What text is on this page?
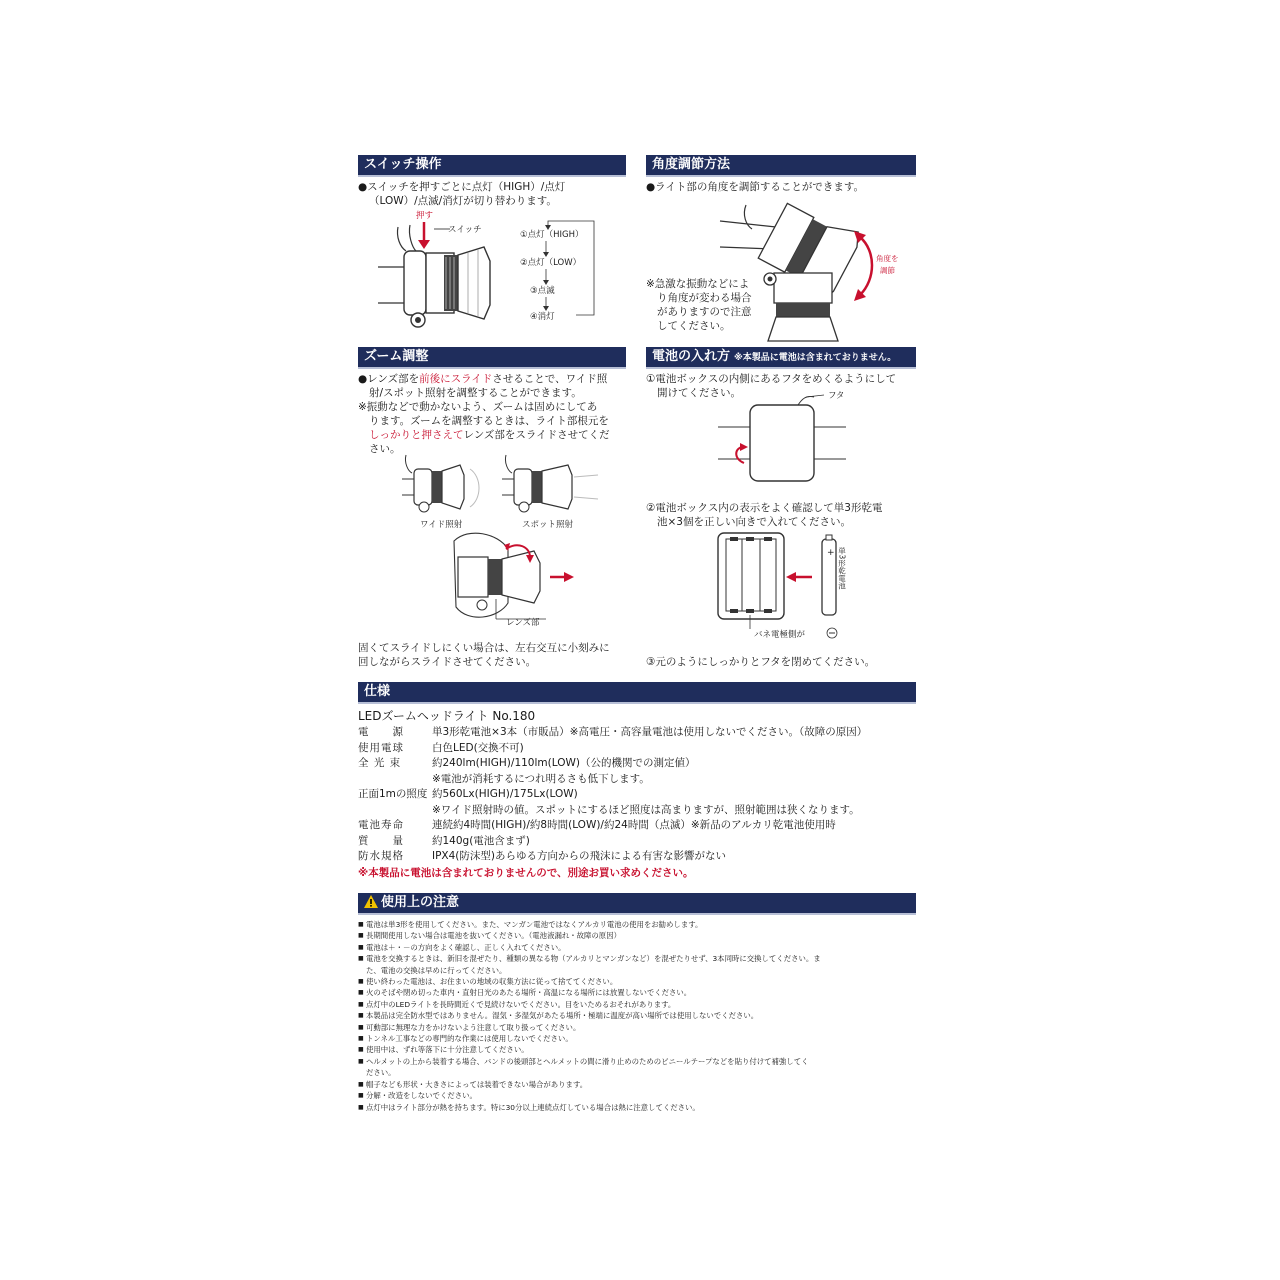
スイッチ操作

●スイッチを押すごとに点灯（HIGH）/点灯

（LOW）/点滅/消灯が切り替わります。

押す
スイッチ	①点灯（HIGH）
②点灯（LOW）
③点滅
④消灯
角度調節方法

●ライト部の角度を調節することができます。

角度を
調節

※急激な振動などによ

り角度が変わる場合

がありますので注意

してください。

ズーム調整

●レンズ部を前後にスライドさせることで、ワイド照

射/スポット照射を調整することができます。

※振動などで動かないよう、ズームは固めにしてあ

ります。ズームを調整するときは、ライト部根元を

しっかりと押さえてレンズ部をスライドさせてくだ

さい。

ワイド照射	スポット照射
レンズ部

固くてスライドしにくい場合は、左右交互に小刻みに

回しながらスライドさせてください。

電池の入れ方 ※本製品に電池は含まれておりません。

①電池ボックスの内側にあるフタをめくるようにして

開けてください。	フタ

②電池ボックス内の表示をよく確認して単3形乾電

池×3個を正しい向きで入れてください。

バネ電極側が
+ 単3形乾電池

③元のようにしっかりとフタを閉めてください。

仕様
LEDズームヘッドライト No.180
電　　源	単3形乾電池×3本（市販品）※高電圧・高容量電池は使用しないでください。（故障の原因）
使用電球	白色LED(交換不可)
全 光 束	約240lm(HIGH)/110lm(LOW)（公的機関での測定値）
※電池が消耗するにつれ明るさも低下します。
正面1mの照度 約560Lx(HIGH)/175Lx(LOW)
※ワイド照射時の値。スポットにするほど照度は高まりますが、照射範囲は狭くなります。
電池寿命	連続約4時間(HIGH)/約8時間(LOW)/約24時間（点滅）※新品のアルカリ乾電池使用時
質　　量	約140g(電池含まず)
防水規格	IPX4(防沫型)あらゆる方向からの飛沫による有害な影響がない
※本製品に電池は含まれておりませんので、別途お買い求めください。
使用上の注意
■ 電池は単3形を使用してください。また、マンガン電池ではなくアルカリ電池の使用をお勧めします。
■ 長期間使用しない場合は電池を抜いてください。（電池液漏れ・故障の原因）
■ 電池は＋・－の方向をよく確認し、正しく入れてください。
■ 電池を交換するときは、新旧を混ぜたり、種類の異なる物（アルカリとマンガンなど）を混ぜたりせず、3本同時に交換してください。ま
た、電池の交換は早めに行ってください。
■ 使い終わった電池は、お住まいの地域の収集方法に従って捨ててください。
■ 火のそばや閉め切った車内・直射日光のあたる場所・高温になる場所には放置しないでください。
■ 点灯中のLEDライトを長時間近くで見続けないでください。目をいためるおそれがあります。
■ 本製品は完全防水型ではありません。湿気・多湿気があたる場所・極端に温度が高い場所では使用しないでください。
■ 可動部に無理な力をかけないよう注意して取り扱ってください。
■ トンネル工事などの専門的な作業には使用しないでください。
■ 使用中は、ずれ等落下に十分注意してください。
■ ヘルメットの上から装着する場合、バンドの後頭部とヘルメットの間に滑り止めのためのビニールテープなどを貼り付けて補強してく
ださい。
■ 帽子なども形状・大きさによっては装着できない場合があります。
■ 分解・改造をしないでください。
■ 点灯中はライト部分が熱を持ちます。特に30分以上連続点灯している場合は熱に注意してください。
